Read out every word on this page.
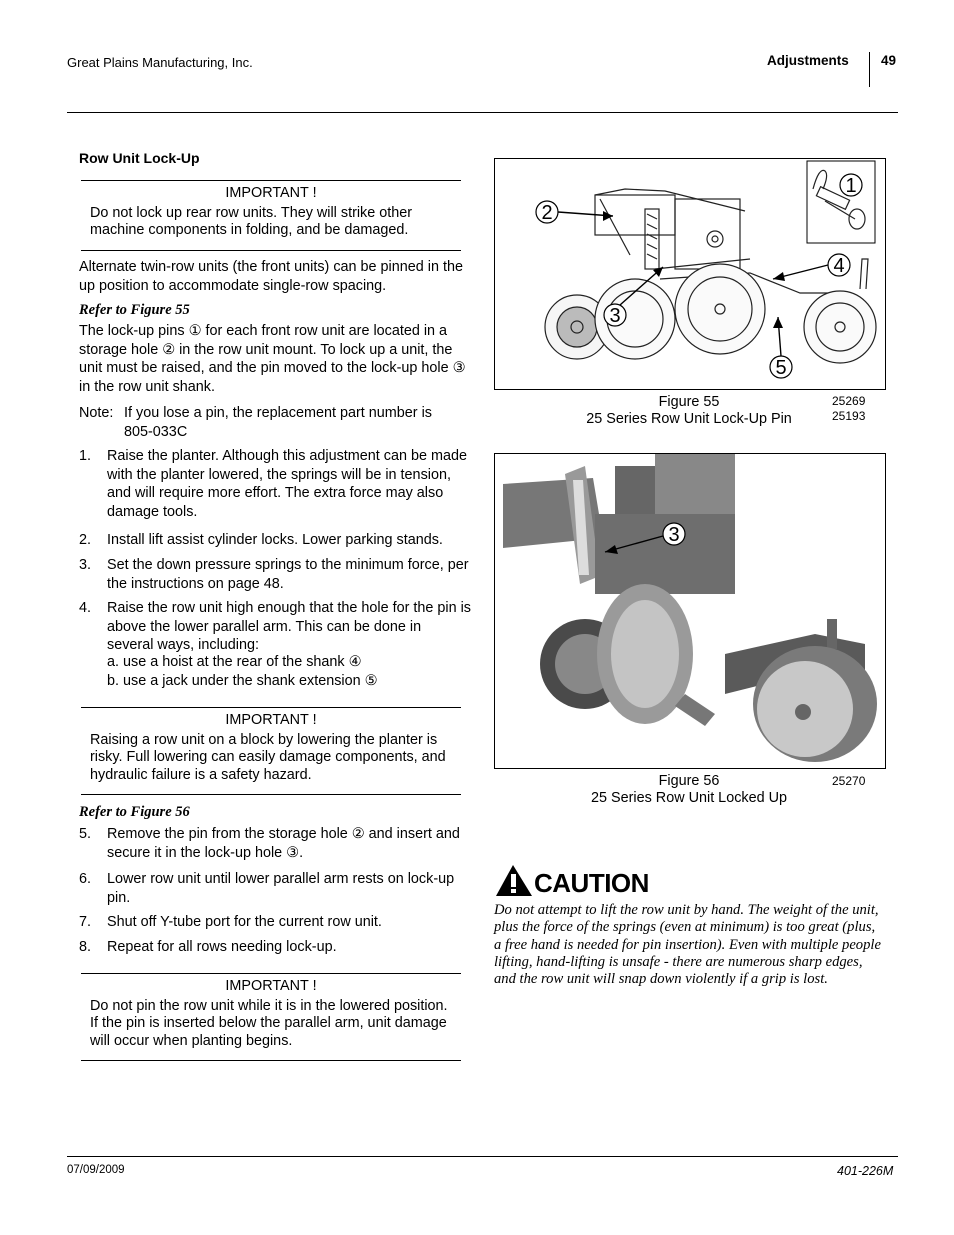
Great Plains Manufacturing, Inc.	Adjustments 49
Row Unit Lock-Up
IMPORTANT !
Do not lock up rear row units. They will strike other machine components in folding, and be damaged.
Alternate twin-row units (the front units) can be pinned in the up position to accommodate single-row spacing.
Refer to Figure 55
The lock-up pins ① for each front row unit are located in a storage hole ② in the row unit mount. To lock up a unit, the unit must be raised, and the pin moved to the lock-up hole ③ in the row unit shank.
Note: If you lose a pin, the replacement part number is 805-033C
1. Raise the planter. Although this adjustment can be made with the planter lowered, the springs will be in tension, and will require more effort. The extra force may also damage tools.
2. Install lift assist cylinder locks. Lower parking stands.
3. Set the down pressure springs to the minimum force, per the instructions on page 48.
4. Raise the row unit high enough that the hole for the pin is above the lower parallel arm. This can be done in several ways, including:
a. use a hoist at the rear of the shank ④
b. use a jack under the shank extension ⑤
IMPORTANT !
Raising a row unit on a block by lowering the planter is risky. Full lowering can easily damage components, and hydraulic failure is a safety hazard.
Refer to Figure 56
5. Remove the pin from the storage hole ② and insert and secure it in the lock-up hole ③.
6. Lower row unit until lower parallel arm rests on lock-up pin.
7. Shut off Y-tube port for the current row unit.
8. Repeat for all rows needing lock-up.
IMPORTANT !
Do not pin the row unit while it is in the lowered position. If the pin is inserted below the parallel arm, unit damage will occur when planting begins.
1
2
3
4
5
Figure 55
25 Series Row Unit Lock-Up Pin
25269
25193
3
Figure 56
25 Series Row Unit Locked Up
25270
CAUTION
Do not attempt to lift the row unit by hand. The weight of the unit, plus the force of the springs (even at minimum) is too great (plus, a free hand is needed for pin insertion). Even with multiple people lifting, hand-lifting is unsafe - there are numerous sharp edges, and the row unit will snap down violently if a grip is lost.
07/09/2009	401-226M
